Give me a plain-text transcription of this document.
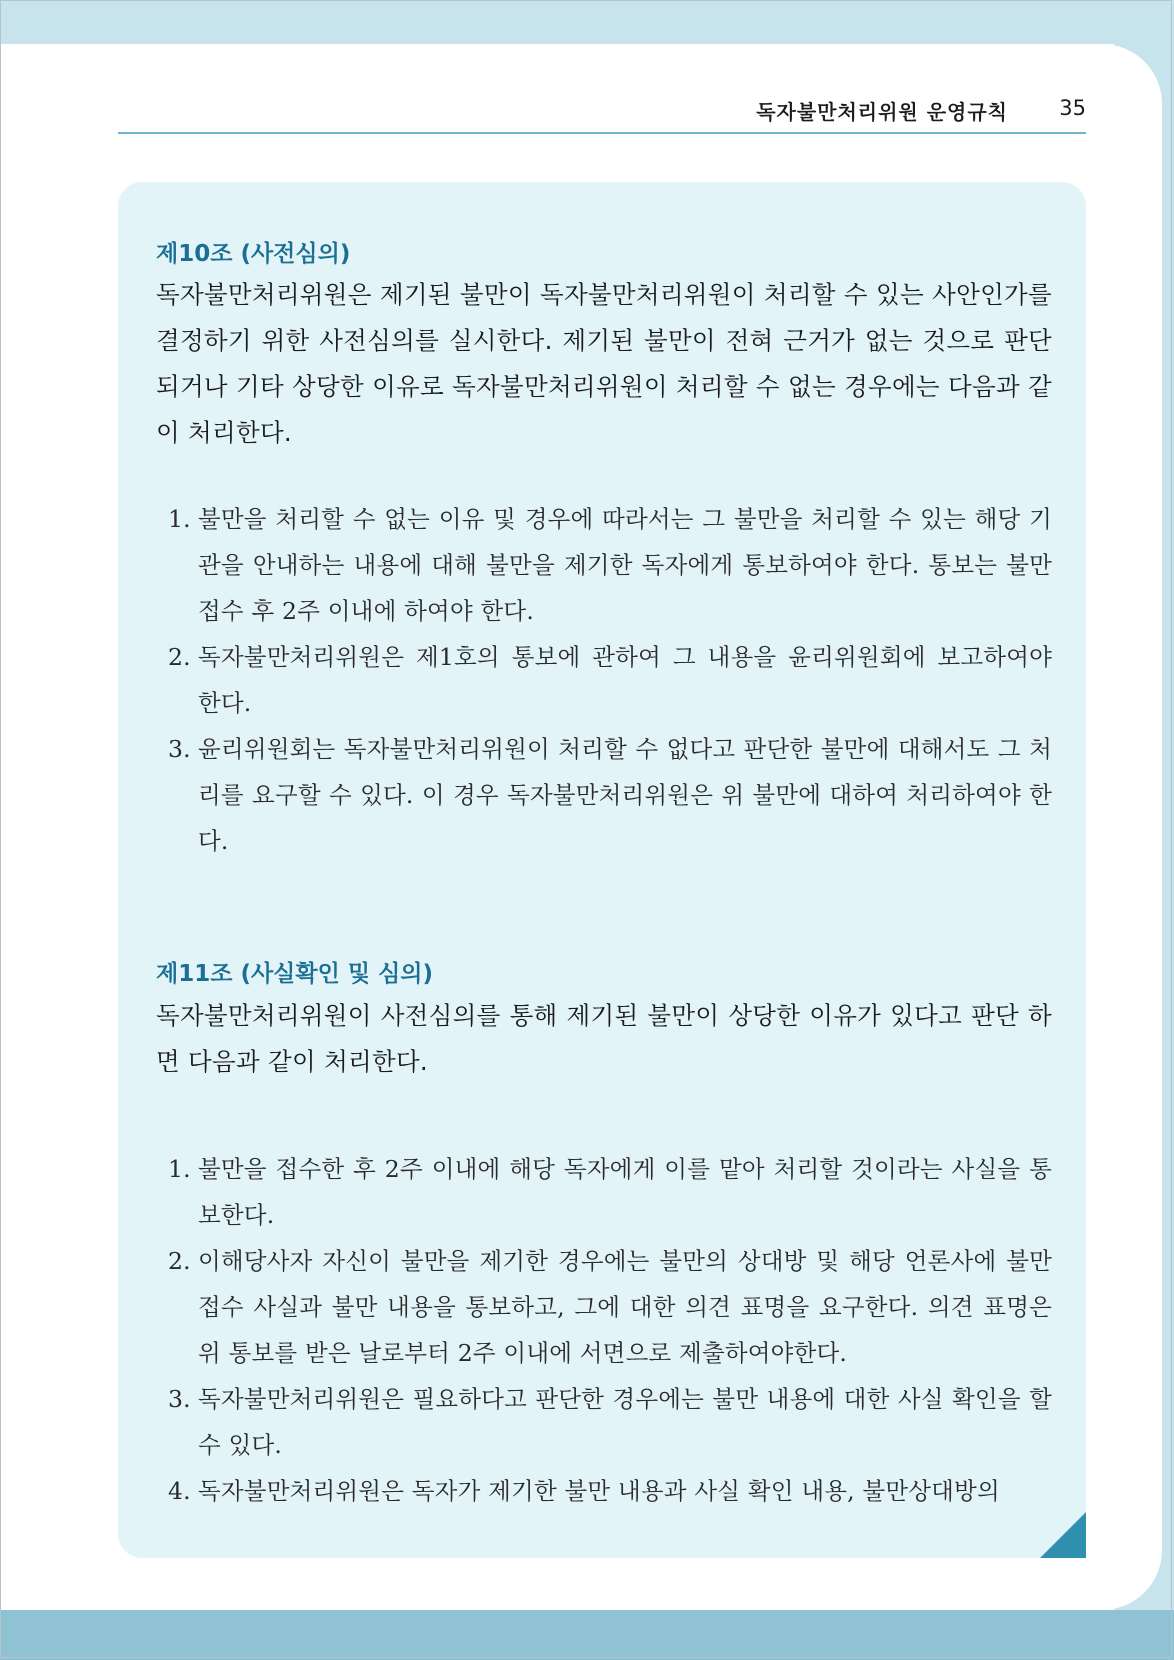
독자불만처리위원 운영규칙 35
제10조 (사전심의)

독자불만처리위원은 제기된 불만이 독자불만처리위원이 처리할 수 있는 사안인가를 결정하기 위한 사전심의를 실시한다. 제기된 불만이 전혀 근거가 없는 것으로 판단되거나 기타 상당한 이유로 독자불만처리위원이 처리할 수 없는 경우에는 다음과 같이 처리한다.

1. 불만을 처리할 수 없는 이유 및 경우에 따라서는 그 불만을 처리할 수 있는 해당 기관을 안내하는 내용에 대해 불만을 제기한 독자에게 통보하여야 한다. 통보는 불만 접수 후 2주 이내에 하여야 한다.
2. 독자불만처리위원은 제1호의 통보에 관하여 그 내용을 윤리위원회에 보고하여야 한다.
3. 윤리위원회는 독자불만처리위원이 처리할 수 없다고 판단한 불만에 대해서도 그 처리를 요구할 수 있다. 이 경우 독자불만처리위원은 위 불만에 대하여 처리하여야 한다.
제11조 (사실확인 및 심의)

독자불만처리위원이 사전심의를 통해 제기된 불만이 상당한 이유가 있다고 판단 하면 다음과 같이 처리한다.

1. 불만을 접수한 후 2주 이내에 해당 독자에게 이를 맡아 처리할 것이라는 사실을 통보한다.
2. 이해당사자 자신이 불만을 제기한 경우에는 불만의 상대방 및 해당 언론사에 불만 접수 사실과 불만 내용을 통보하고, 그에 대한 의견 표명을 요구한다. 의견 표명은 위 통보를 받은 날로부터 2주 이내에 서면으로 제출하여야한다.
3. 독자불만처리위원은 필요하다고 판단한 경우에는 불만 내용에 대한 사실 확인을 할 수 있다.
4. 독자불만처리위원은 독자가 제기한 불만 내용과 사실 확인 내용, 불만상대방의
